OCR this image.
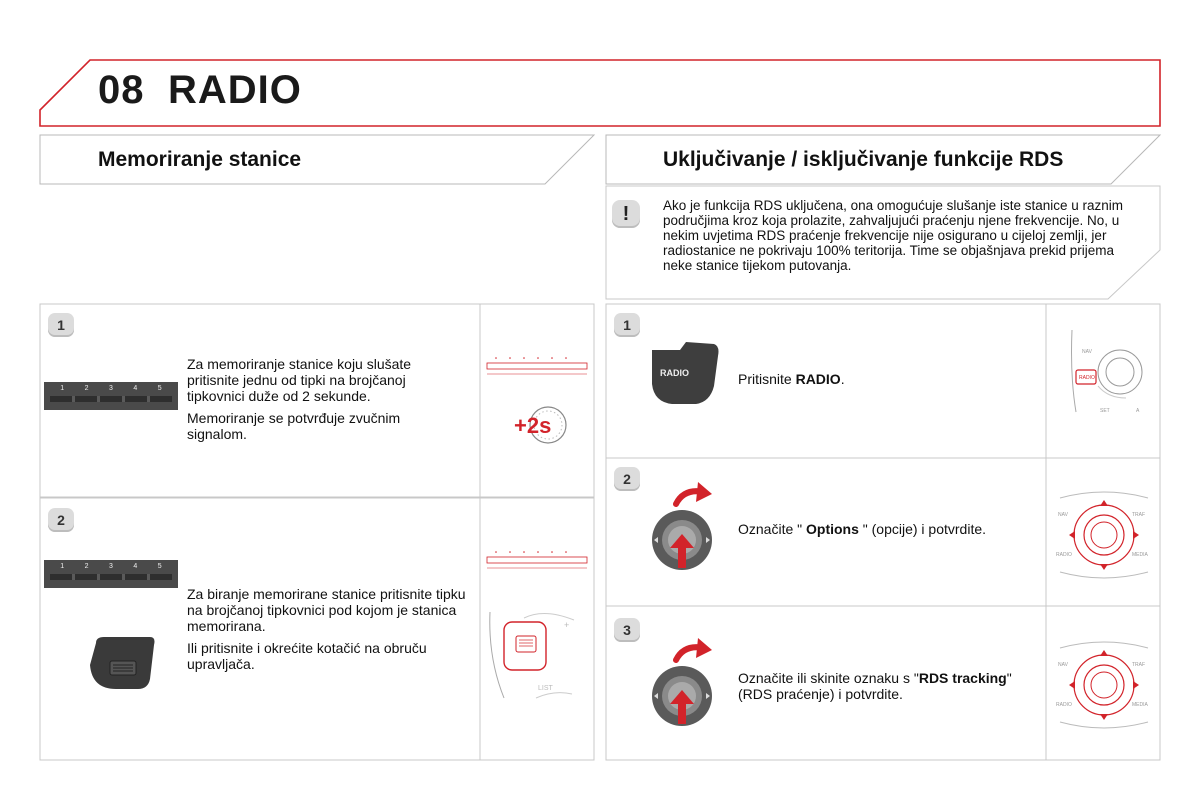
08 RADIO
Memoriranje stanice	Uključivanje / isključivanje funkcije RDS
!	Ako je funkcija RDS uključena, ona omogućuje slušanje iste stanice u raznim područjima kroz koja prolazite, zahvaljujući praćenju njene frekvencije. No, u nekim uvjetima RDS praćenje frekvencije nije osigurano u cijeloj zemlji, jer radiostanice ne pokrivaju 100% teritorija. Time se objašnjava prekid prijema neke stanice tijekom putovanja.
1
1	2	3	4	5

Za memoriranje stanice koju slušate pritisnite jednu od tipki na brojčanoj tipkovnici duže od 2 sekunde.

Memoriranje se potvrđuje zvučnim signalom.	+2s
2
1	2	3	4	5

Za biranje memorirane stanice pritisnite tipku na brojčanoj tipkovnici pod kojom je stanica memorirana.

Ili pritisnite i okrećite kotačić na obruču upravljača.

+
LIST
1
RADIO	Pritisnite RADIO.	RADIO
NAV
SET	A
2
Označite " Options " (opcije) i potvrdite.
NAV	TRAF
RADIO	MEDIA
3
Označite ili skinite oznaku s "RDS tracking" (RDS praćenje) i potvrdite.
NAV	TRAF
RADIO	MEDIA
